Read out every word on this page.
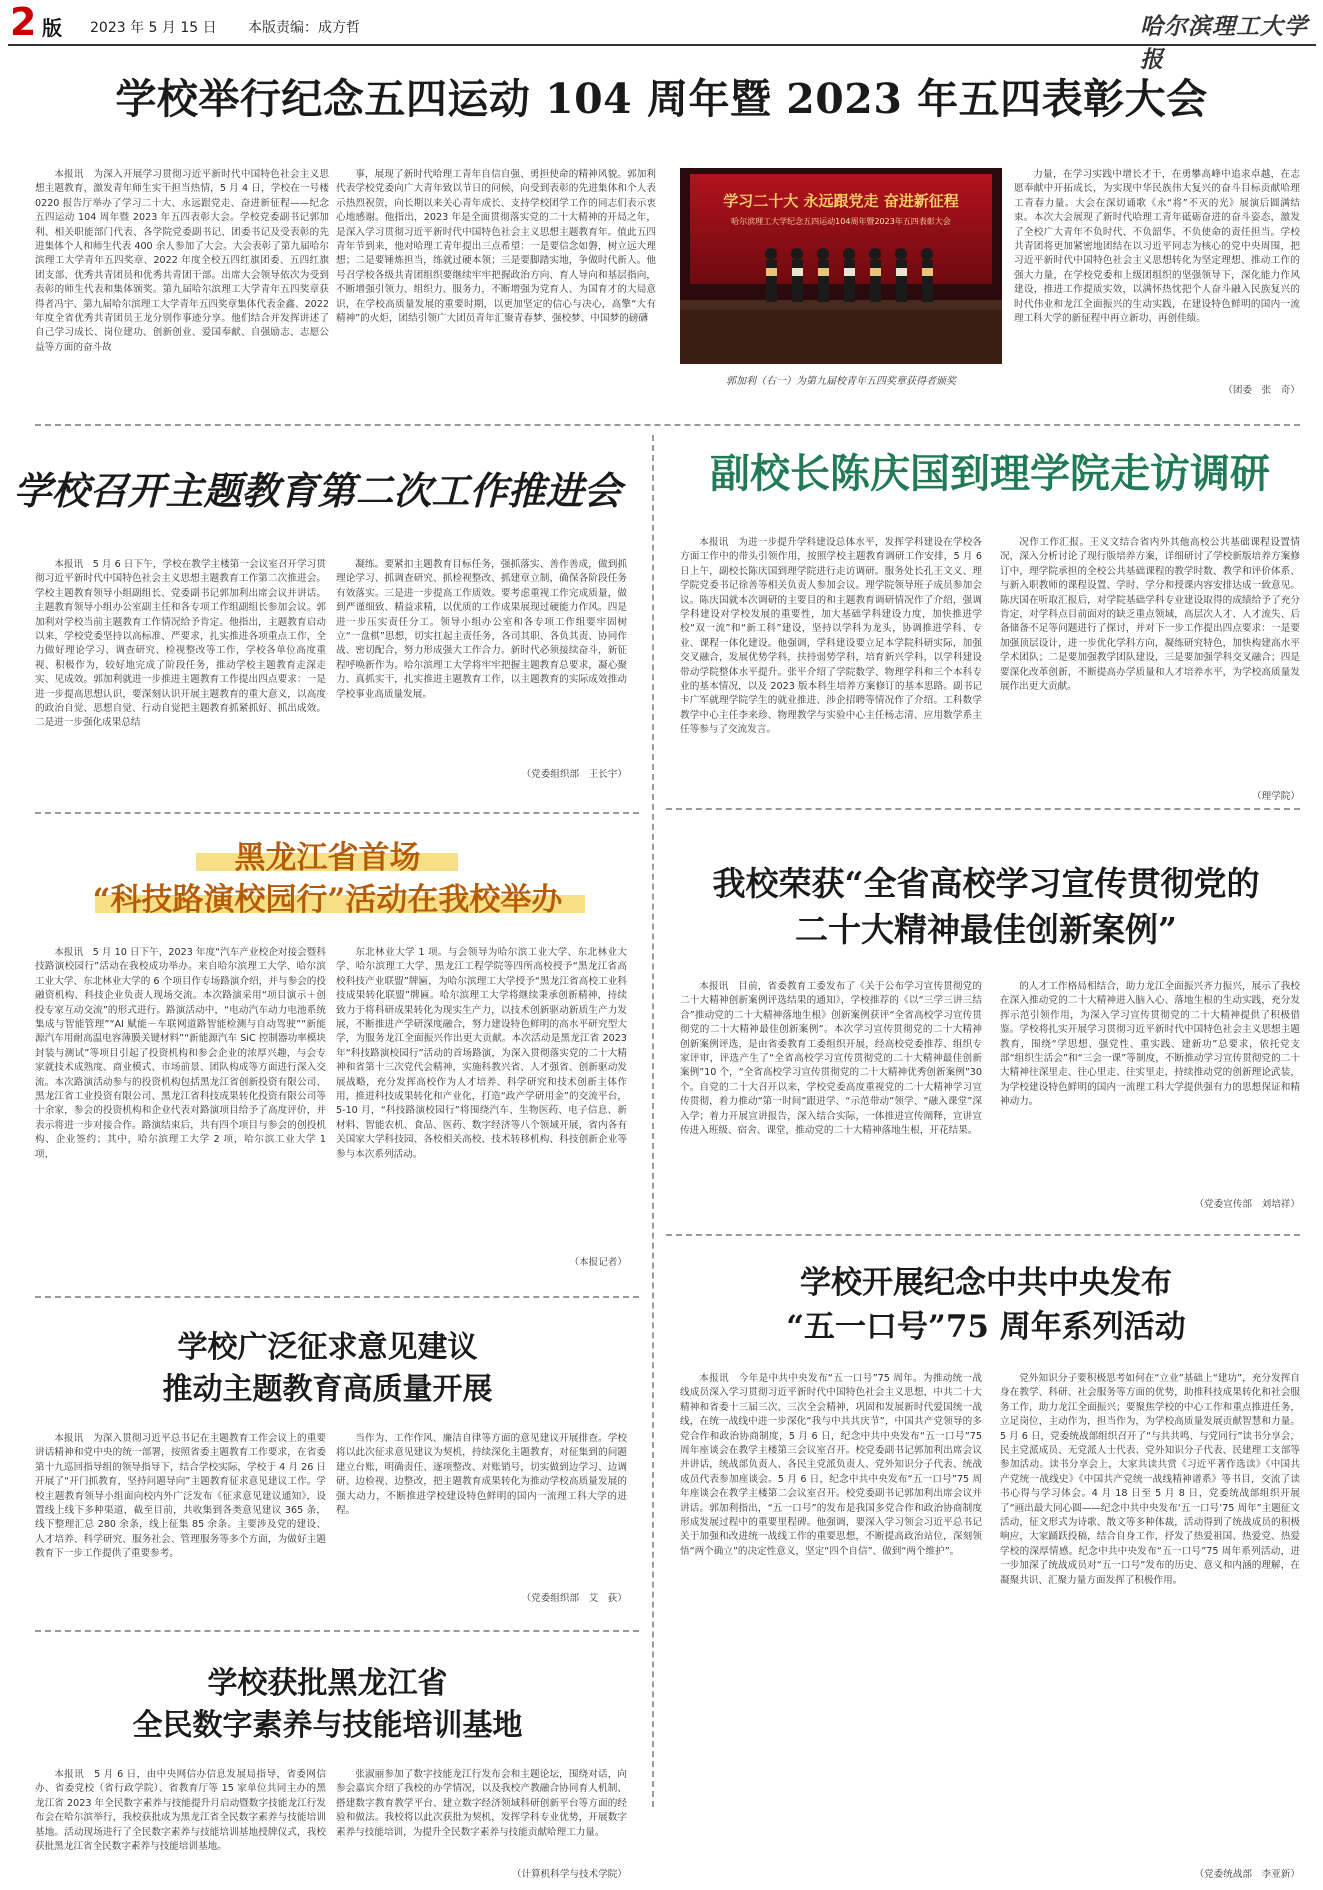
2 版 2023 年 5 月 15 日 本版责编：成方哲	哈尔滨理工大学报
学校举行纪念五四运动 104 周年暨 2023 年五四表彰大会

本报讯　为深入开展学习贯彻习近平新时代中国特色社会主义思想主题教育，激发青年师生实干担当热情，5 月 4 日，学校在一号楼 0220 报告厅举办了学习二十大、永远跟党走、奋进新征程——纪念五四运动 104 周年暨 2023 年五四表彰大会。学校党委副书记郭加利、相关职能部门代表、各学院党委副书记、团委书记及受表彰的先进集体个人和师生代表 400 余人参加了大会。大会表彰了第九届哈尔滨理工大学青年五四奖章、2022 年度全校五四红旗团委、五四红旗团支部、优秀共青团员和优秀共青团干部。出席大会领导依次为受到表彰的师生代表和集体颁奖。第九届哈尔滨理工大学青年五四奖章获得者冯宇、第九届哈尔滨理工大学青年五四奖章集体代表金鑫、2022 年度全省优秀共青团员王龙分别作事迹分享。他们结合并发挥讲述了自己学习成长、岗位建功、创新创业、爱国奉献、自强励志、志愿公益等方面的奋斗故

事，展现了新时代哈理工青年自信自强、勇担使命的精神风貌。郭加利代表学校党委向广大青年致以节日的问候，向受到表彰的先进集体和个人表示热烈祝贺，向长期以来关心青年成长、支持学校团学工作的同志们表示衷心地感谢。他指出，2023 年是全面贯彻落实党的二十大精神的开局之年，是深入学习贯彻习近平新时代中国特色社会主义思想主题教育年。值此五四青年节到来，他对哈理工青年提出三点希望：一是要信念如磐，树立远大理想；二是要锤炼担当，练就过硬本领；三是要脚踏实地，争做时代新人。他号召学校各级共青团组织要继续牢牢把握政治方向、育人导向和基层指向，不断增强引领力、组织力、服务力，不断增强为党育人、为国育才的大局意识，在学校高质量发展的重要时期，以更加坚定的信心与决心，高擎“大有精神”的火炬，团结引领广大团员青年汇聚青春梦、强校梦、中国梦的磅礴

学习二十大 永远跟党走 奋进新征程
哈尔滨理工大学纪念五四运动104周年暨2023年五四表彰大会
郭加利（右一）为第九届校青年五四奖章获得者颁奖

力量，在学习实践中增长才干，在勇攀高峰中追求卓越，在志愿奉献中开拓成长，为实现中华民族伟大复兴的奋斗目标贡献哈理工青春力量。大会在深切诵歌《永“将”不灭的光》展演后圆满结束。本次大会展现了新时代哈理工青年砥砺奋进的奋斗姿态，激发了全校广大青年不负时代、不负韶华、不负使命的责任担当。学校共青团将更加紧密地团结在以习近平同志为核心的党中央周围，把习近平新时代中国特色社会主义思想转化为坚定理想、推动工作的强大力量，在学校党委和上级团组织的坚强领导下，深化能力作风建设，推进工作提质实效，以满怀热忱把个人奋斗融入民族复兴的时代伟业和龙江全面振兴的生动实践，在建设特色鲜明的国内一流理工科大学的新征程中再立新功、再创佳绩。

（团委　张　奇）
学校召开主题教育第二次工作推进会

本报讯　5 月 6 日下午，学校在教学主楼第一会议室召开学习贯彻习近平新时代中国特色社会主义思想主题教育工作第二次推进会。学校主题教育领导小组副组长、党委副书记郭加利出席会议并讲话。主题教育领导小组办公室副主任和各专项工作组副组长参加会议。郭加利对学校当前主题教育工作情况给予肯定。他指出，主题教育启动以来，学校党委坚持以高标准、严要求，扎实推进各项重点工作，全力做好理论学习、调查研究、检视整改等工作，学校各单位高度重视、积极作为，较好地完成了阶段任务，推动学校主题教育走深走实、见成效。郭加利就进一步推进主题教育工作提出四点要求：一是进一步提高思想认识，要深刻认识开展主题教育的重大意义，以高度的政治自觉、思想自觉、行动自觉把主题教育抓紧抓好、抓出成效。二是进一步强化成果总结

凝练。要紧扣主题教育目标任务，强抓落实、善作善成，做到抓理论学习、抓调查研究、抓检视整改、抓建章立制，确保各阶段任务有效落实。三是进一步提高工作质效。要考虑重视工作完成质量，做到严谨细致、精益求精，以优质的工作成果展现过硬能力作风。四是进一步压实责任分工。领导小组办公室和各专项工作组要牢固树立“一盘棋”思想，切实扛起主责任务，各司其职、各负其责、协同作战、密切配合，努力形成强大工作合力。新时代必须接续奋斗，新征程呼唤新作为。哈尔滨理工大学将牢牢把握主题教育总要求，凝心聚力、真抓实干，扎实推进主题教育工作，以主题教育的实际成效推动学校事业高质量发展。

（党委组织部　王长宇）
副校长陈庆国到理学院走访调研

本报讯　为进一步提升学科建设总体水平，发挥学科建设在学校各方面工作中的带头引领作用，按照学校主题教育调研工作安排，5 月 6 日上午，副校长陈庆国到理学院进行走访调研。服务处长孔王文义、理学院党委书记徐善等相关负责人参加会议。理学院领导班子成员参加会议。陈庆国就本次调研的主要目的和主题教育调研情况作了介绍，强调学科建设对学校发展的重要性，加大基础学科建设力度，加快推进学校“双一流”和“新工科”建设，坚持以学科为龙头，协调推进学科、专业、课程一体化建设。他强调，学科建设要立足本学院科研实际，加强交叉融合，发展优势学科，扶持弱势学科，培育新兴学科，以学科建设带动学院整体水平提升。张平介绍了学院数学、物理学科和三个本科专业的基本情况，以及 2023 版本科生培养方案修订的基本思路。副书记卡广军就理学院学生的就业推进、涉企招聘等情况作了介绍。工科数学教学中心主任李来珍、物理教学与实验中心主任杨志清、应用数学系主任等参与了交流发言。

况作工作汇报。王义文结合省内外其他高校公共基础课程设置情况，深入分析讨论了现行版培养方案，详细研讨了学校新版培养方案修订中，理学院承担的全校公共基础课程的教学时数、教学和评价体系、与新入职教师的课程设置、学时、学分和授课内容安排达成一致意见。陈庆国在听取汇报后，对学院基础学科专业建设取得的成绩给予了充分肯定，对学科点目前面对的缺乏重点领域，高层次人才、人才流失、后备储备不足等问题进行了探讨，并对下一步工作提出四点要求：一是要加强顶层设计，进一步优化学科方向，凝练研究特色，加快构建高水平学术团队；二是要加强教学团队建设，三是要加强学科交叉融合；四是要深化改革创新，不断提高办学质量和人才培养水平，为学校高质量发展作出更大贡献。

（理学院）
黑龙江省首场
“科技路演校园行”活动在我校举办

本报讯　5 月 10 日下午，2023 年度“汽车产业校企对接会暨科技路演校园行”活动在我校成功举办。来自哈尔滨理工大学、哈尔滨工业大学、东北林业大学的 6 个项目作专场路演介绍，并与参会的投融资机构、科技企业负责人现场交流。本次路演采用“项目演示＋创投专家互动交流”的形式进行。路演活动中，“电动汽车动力电池系统集成与智能管理”“AI 赋能－车联网道路智能检测与自动驾驶”“新能源汽车用耐高温电容薄膜关键材料”“新能源汽车 SiC 控制器功率模块封装与测试”等项目引起了投资机构和参会企业的浓厚兴趣，与会专家就技术成熟度、商业模式、市场前景、团队构成等方面进行深入交流。本次路演活动参与的投资机构包括黑龙江省创新投资有限公司、黑龙江省工业投资有限公司、黑龙江省科技成果转化投资有限公司等十余家，参会的投资机构和企业代表对路演项目给予了高度评价，并表示将进一步对接合作。路演结束后，共有四个项目与参会的创投机构、企业签约；其中，哈尔滨理工大学 2 项，哈尔滨工业大学 1 项，

东北林业大学 1 项。与会领导为哈尔滨工业大学、东北林业大学、哈尔滨理工大学、黑龙江工程学院等四所高校授予“黑龙江省高校科技产业联盟”牌匾，为哈尔滨理工大学授予“黑龙江省高校工业科技成果转化联盟”牌匾。哈尔滨理工大学将继续秉承创新精神，持续致力于将科研成果转化为现实生产力，以技术创新驱动新质生产力发展，不断推进产学研深度融合，努力建设特色鲜明的高水平研究型大学，为服务龙江全面振兴作出更大贡献。本次活动是黑龙江省 2023 年“科技路演校园行”活动的首场路演，为深入贯彻落实党的二十大精神和省第十三次党代会精神，实施科教兴省、人才强省、创新驱动发展战略，充分发挥高校作为人才培养、科学研究和技术创新主体作用，推进科技成果转化和产业化，打造“政产学研用金”的交流平台，5-10 月，“科技路演校园行”将围绕汽车、生物医药、电子信息、新材料、智能农机、食品、医药、数字经济等八个领域开展，省内各有关国家大学科技园、各校相关高校、技术转移机构、科技创新企业等参与本次系列活动。

（本报记者）
我校荣获“全省高校学习宣传贯彻党的
二十大精神最佳创新案例”

本报讯　目前，省委教育工委发布了《关于公布学习宣传贯彻党的二十大精神创新案例评选结果的通知》，学校推荐的《以“三学三讲三结合”推动党的二十大精神落地生根》创新案例获评“全省高校学习宣传贯彻党的二十大精神最佳创新案例”。本次学习宣传贯彻党的二十大精神创新案例评选，是由省委教育工委组织开展，经高校党委推荐、组织专家评审，评选产生了“全省高校学习宣传贯彻党的二十大精神最佳创新案例”10 个，“全省高校学习宣传贯彻党的二十大精神优秀创新案例”30 个。自党的二十大召开以来，学校党委高度重视党的二十大精神学习宣传贯彻，着力推动“第一时间”跟进学、“示范带动”领学、“融入课堂”深入学；着力开展宣讲报告，深入结合实际，一体推进宣传阐释，宣讲宣传进入班级、宿舍、课堂，推动党的二十大精神落地生根，开花结果。

的人才工作格局相结合，助力龙江全面振兴齐力振兴，展示了我校在深入推动党的二十大精神进入脑入心、落地生根的生动实践，充分发挥示范引领作用，为深入学习宣传贯彻党的二十大精神提供了积极借鉴。学校将扎实开展学习贯彻习近平新时代中国特色社会主义思想主题教育，围绕“学思想、强党性、重实践、建新功”总要求，依托党支部“组织生活会”和“三会一课”等制度，不断推动学习宣传贯彻党的二十大精神往深里走、往心里走、往实里走，持续推动党的创新理论武装，为学校建设特色鲜明的国内一流理工科大学提供强有力的思想保证和精神动力。

（党委宣传部　刘培祥）
学校广泛征求意见建议
推动主题教育高质量开展

本报讯　为深入贯彻习近平总书记在主题教育工作会议上的重要讲话精神和党中央的统一部署，按照省委主题教育工作要求，在省委第十九巡回指导组的领导指导下，结合学校实际，学校于 4 月 26 日开展了“开门抓教育，坚持问题导向”主题教育征求意见建议工作。学校主题教育领导小组面向校内外广泛发布《征求意见建议通知》，设置线上线下多种渠道，截至目前，共收集到各类意见建议 365 条，线下整理汇总 280 余条，线上征集 85 余条。主要涉及党的建设、人才培养、科学研究、服务社会、管理服务等多个方面，为做好主题教育下一步工作提供了重要参考。

当作为、工作作风、廉洁自律等方面的意见建议开展排查。学校将以此次征求意见建议为契机，持续深化主题教育，对征集到的问题建立台账，明确责任、逐项整改、对账销号，切实做到边学习、边调研、边检视、边整改，把主题教育成果转化为推动学校高质量发展的强大动力，不断推进学校建设特色鲜明的国内一流理工科大学的进程。

（党委组织部　艾　荻）
学校开展纪念中共中央发布
“五一口号”75 周年系列活动

本报讯　今年是中共中央发布“五一口号”75 周年。为推动统一战线成员深入学习贯彻习近平新时代中国特色社会主义思想，中共二十大精神和省委十三届三次、三次全会精神，巩固和发展新时代爱国统一战线，在统一战线中进一步深化“我与中共共庆节”，中国共产党领导的多党合作和政治协商制度，5 月 6 日，纪念中共中央发布“五一口号”75 周年座谈会在教学主楼第三会议室召开。校党委副书记郭加利出席会议并讲话，统战部负责人、各民主党派负责人、党外知识分子代表、统战成员代表参加座谈会。5 月 6 日，纪念中共中央发布“五一口号”75 周年座谈会在教学主楼第二会议室召开。校党委副书记郭加利出席会议并讲话。郭加利指出，“五一口号”的发布是我国多党合作和政治协商制度形成发展过程中的重要里程碑。他强调，要深入学习领会习近平总书记关于加强和改进统一战线工作的重要思想，不断提高政治站位，深刻领悟“两个确立”的决定性意义，坚定“四个自信”、做到“两个维护”。

党外知识分子要积极思考如何在“立业”基础上“建功”，充分发挥自身在教学、科研、社会服务等方面的优势，助推科技成果转化和社会服务工作，助力龙江全面振兴；要聚焦学校的中心工作和重点推进任务，立足岗位，主动作为，担当作为，为学校高质量发展贡献智慧和力量。5 月 6 日，党委统战部组织召开了“与共共鸣、与党同行”读书分享会，民主党派成员、无党派人士代表、党外知识分子代表、民建理工支部等参加活动。读书分享会上，大家共读共赏《习近平著作选读》《中国共产党统一战线史》《中国共产党统一战线精神谱系》等书目，交流了读书心得与学习体会。4 月 18 日至 5 月 8 日，党委统战部组织开展了“画出最大同心圆——纪念中共中央发布‘五一口号’75 周年”主题征文活动，征文形式为诗歌、散文等多种体裁，活动得到了统战成员的积极响应，大家踊跃投稿，结合自身工作，抒发了热爱祖国、热爱党、热爱学校的深厚情感。纪念中共中央发布“五一口号”75 周年系列活动，进一步加深了统战成员对“五一口号”发布的历史、意义和内涵的理解，在凝聚共识、汇聚力量方面发挥了积极作用。

（党委统战部　李亚新）
学校获批黑龙江省
全民数字素养与技能培训基地

本报讯　5 月 6 日，由中央网信办信息发展局指导，省委网信办、省委党校（省行政学院）、省教育厅等 15 家单位共同主办的黑龙江省 2023 年全民数字素养与技能提升月启动暨数字技能龙江行发布会在哈尔滨举行，我校获批成为黑龙江省全民数字素养与技能培训基地。活动现场进行了全民数字素养与技能培训基地授牌仪式，我校获批黑龙江省全民数字素养与技能培训基地。

张淑丽参加了数字技能龙江行发布会和主题论坛，围绕对话，向参会嘉宾介绍了我校的办学情况，以及我校产教融合协同育人机制、搭建数字教育教学平台、建立数字经济领域科研创新平台等方面的经验和做法。我校将以此次获批为契机，发挥学科专业优势，开展数字素养与技能培训，为提升全民数字素养与技能贡献哈理工力量。

（计算机科学与技术学院）
